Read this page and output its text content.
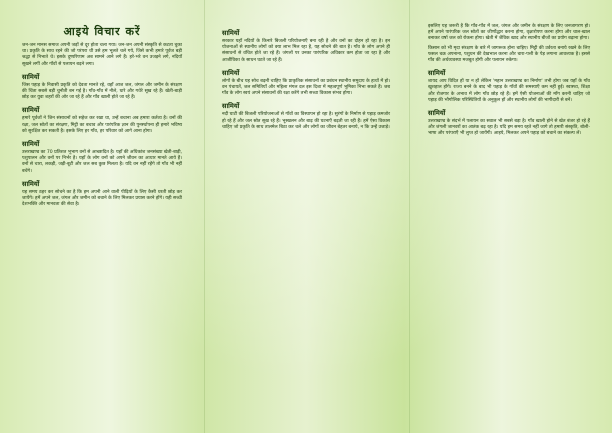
आइये विचार करें

जन-जन मानस समाज अपनी जड़ों से दूर होता चला गया। जन-जन अपनी संस्कृति से कटता चुका था। प्रकृति के साथ रहने की जो परंपरा थी उसे हम भूलते चले गये, जिसे कभी हमारे पूर्वज बड़ी श्रद्धा से निभाते थे। इसके दुष्परिणाम अब सामने आने लगे हैं। हरे-भरे वन उजड़ने लगे, नदियाँ सूखने लगीं और गाँवों से पलायन बढ़ने लगा।

सामियों

जिस पहाड़ के निवासी प्रकृति को देवता मानते रहे, वहाँ आज जल, जंगल और जमीन के संरक्षण की चिंता सबसे बड़ी चुनौती बन गई है। गाँव-गाँव में नौले, धारे और गधेरे सूख रहे हैं। खेती-बाड़ी छोड़ कर युवा शहरों की ओर जा रहे हैं और गाँव खाली होते जा रहे हैं।

सामियों

हमारे पूर्वजों ने जिन संसाधनों को सहेज कर रखा था, उन्हें बचाना अब हमारा कर्तव्य है। वनों की रक्षा, जल स्रोतों का संरक्षण, मिट्टी का बचाव और पारंपरिक ज्ञान की पुनर्स्थापना ही हमारे भविष्य को सुरक्षित कर सकती है। इसके लिए हर गाँव, हर परिवार को आगे आना होगा।

सामियों

उत्तराखण्ड का 70 प्रतिशत भूभाग वनों से आच्छादित है। यहाँ की अधिकांश जनसंख्या खेती-बाड़ी, पशुपालन और वनों पर निर्भर है। यहाँ के लोग वनों को अपने जीवन का आधार मानते आये हैं। वनों से चारा, लकड़ी, जड़ी-बूटी और जल सब कुछ मिलता है। यदि वन नहीं रहेंगे तो गाँव भी नहीं बचेंगे।

सामियों

यह समय ठहर कर सोचने का है कि हम अपनी आने वाली पीढ़ियों के लिए कैसी धरती छोड़ कर जायेंगे। हमें अपने जल, जंगल और जमीन को बचाने के लिए मिलकर प्रयास करने होंगे। यही सच्ची देशभक्ति और मानवता की सेवा है।

सामियों

सरकार यहाँ नदियों के किनारे बिजली परियोजनाएँ बना रही है और वनों का दोहन हो रहा है। इन योजनाओं से स्थानीय लोगों को क्या लाभ मिल रहा है, यह सोचने की बात है। गाँव के लोग अपने ही संसाधनों से वंचित होते जा रहे हैं। जंगलों पर उनका पारंपरिक अधिकार कम होता जा रहा है और आजीविका के साधन घटते जा रहे हैं।

सामियों

लोगों के बीच यह सोच बढ़नी चाहिए कि प्राकृतिक संसाधनों का प्रबंधन स्थानीय समुदाय के हाथों में हो। वन पंचायतें, जल समितियाँ और महिला मंगल दल इस दिशा में महत्वपूर्ण भूमिका निभा सकते हैं। जब गाँव के लोग स्वयं अपने संसाधनों की रक्षा करेंगे तभी सच्चा विकास संभव होगा।

सामियों

नदी घाटी की बिजली परियोजनाओं से गाँवों का विस्थापन हो रहा है। सुरंगों के निर्माण से पहाड़ कमजोर हो रहे हैं और जल स्रोत सूख रहे हैं। भूस्खलन और बाढ़ की घटनाएँ बढ़ती जा रही हैं। हमें ऐसा विकास चाहिए जो प्रकृति के साथ तालमेल बिठा कर चले और लोगों का जीवन बेहतर बनाये, न कि उन्हें उजाड़े।

इसलिए यह जरूरी है कि गाँव-गाँव में जल, जंगल और जमीन के संरक्षण के लिए जनजागरण हो। हमें अपने पारंपरिक जल स्रोतों का जीर्णोद्धार करना होगा, वृक्षारोपण करना होगा और चाल-खाल बनाकर वर्षा जल को रोकना होगा। खेती में जैविक खाद और स्थानीय बीजों का प्रयोग बढ़ाना होगा।

किसान को भी मृदा संरक्षण के बारे में जागरूक होना चाहिए। मिट्टी की उर्वरता बनाये रखने के लिए फसल चक्र अपनाना, पशुधन की देखभाल करना और चारा-पत्ती के पेड़ लगाना आवश्यक है। इससे गाँव की अर्थव्यवस्था मजबूत होगी और पलायन रुकेगा।

सामियों

शायद आप विदित हों या न हों लेकिन 'महान उत्तराखण्ड का निर्माण' तभी होगा जब यहाँ के गाँव खुशहाल होंगे। राज्य बनने के बाद भी पहाड़ के गाँवों की समस्याएँ कम नहीं हुईं। स्वास्थ्य, शिक्षा और रोजगार के अभाव में लोग गाँव छोड़ रहे हैं। हमें ऐसी योजनाओं की माँग करनी चाहिए जो पहाड़ की भौगोलिक परिस्थितियों के अनुकूल हों और स्थानीय लोगों की भागीदारी से बनें।

सामियों

उत्तराखण्ड के संदर्भ में पलायन का सवाल भी सबसे बड़ा है। गाँव खाली होने से खेत बंजर हो रहे हैं और जंगली जानवरों का आतंक बढ़ रहा है। यदि हम समय रहते नहीं जागे तो हमारी संस्कृति, बोली-भाषा और परंपराएँ भी लुप्त हो जायेंगी। आइये, मिलकर अपने पहाड़ को बचाने का संकल्प लें।
